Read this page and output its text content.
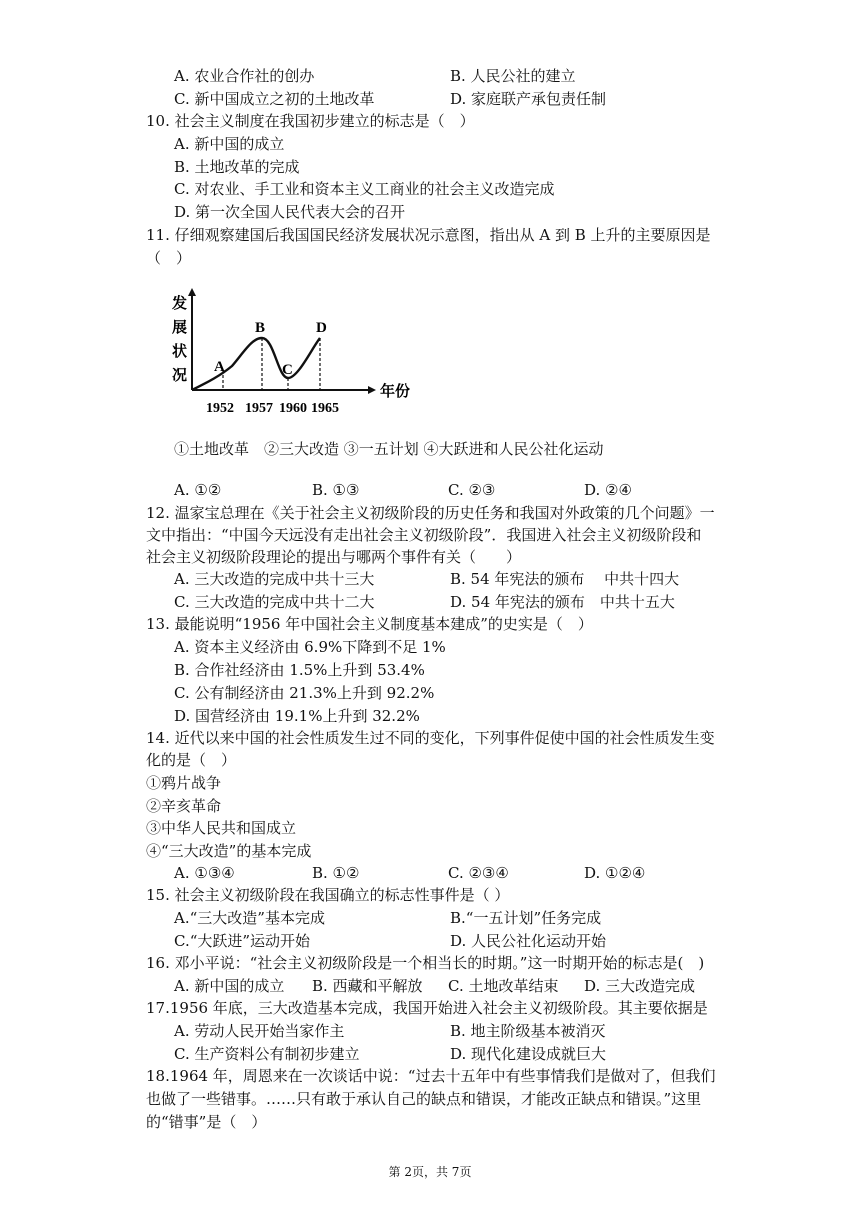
A. 农业合作社的创办	B. 人民公社的建立
C. 新中国成立之初的土地改革	D. 家庭联产承包责任制
10. 社会主义制度在我国初步建立的标志是（　）
A. 新中国的成立
B. 土地改革的完成
C. 对农业、手工业和资本主义工商业的社会主义改造完成
D. 第一次全国人民代表大会的召开
11. 仔细观察建国后我国国民经济发展状况示意图，指出从 A 到 B 上升的主要原因是
（　）
发
展
状
况
年份
A
B
C
D
1952 1957 1960 1965
①土地改革　②三大改造 ③一五计划 ④大跃进和人民公社化运动
A. ①②	B. ①③	C. ②③	D. ②④
12. 温家宝总理在《关于社会主义初级阶段的历史任务和我国对外政策的几个问题》一
文中指出：“中国今天远没有走出社会主义初级阶段”．我国进入社会主义初级阶段和
社会主义初级阶段理论的提出与哪两个事件有关（　　）
A. 三大改造的完成中共十三大	B. 54 年宪法的颁布　 中共十四大
C. 三大改造的完成中共十二大	D. 54 年宪法的颁布　中共十五大
13. 最能说明“1956 年中国社会主义制度基本建成”的史实是（　）
A. 资本主义经济由 6.9%下降到不足 1%
B. 合作社经济由 1.5%上升到 53.4%
C. 公有制经济由 21.3%上升到 92.2%
D. 国营经济由 19.1%上升到 32.2%
14. 近代以来中国的社会性质发生过不同的变化，下列事件促使中国的社会性质发生变
化的是（　）
①鸦片战争
②辛亥革命
③中华人民共和国成立
④“三大改造”的基本完成
A. ①③④	B. ①②	C. ②③④	D. ①②④
15. 社会主义初级阶段在我国确立的标志性事件是（ ）
A.“三大改造”基本完成	B.“一五计划”任务完成
C.“大跃进”运动开始	D. 人民公社化运动开始
16. 邓小平说：“社会主义初级阶段是一个相当长的时期。”这一时期开始的标志是(　)
A. 新中国的成立 B. 西藏和平解放 C. 土地改革结束 D. 三大改造完成
17.1956 年底，三大改造基本完成，我国开始进入社会主义初级阶段。其主要依据是
A. 劳动人民开始当家作主	B. 地主阶级基本被消灭
C. 生产资料公有制初步建立	D. 现代化建设成就巨大
18.1964 年，周恩来在一次谈话中说：“过去十五年中有些事情我们是做对了，但我们
也做了一些错事。……只有敢于承认自己的缺点和错误，才能改正缺点和错误。”这里
的“错事”是（　）
第 2页，共 7页
